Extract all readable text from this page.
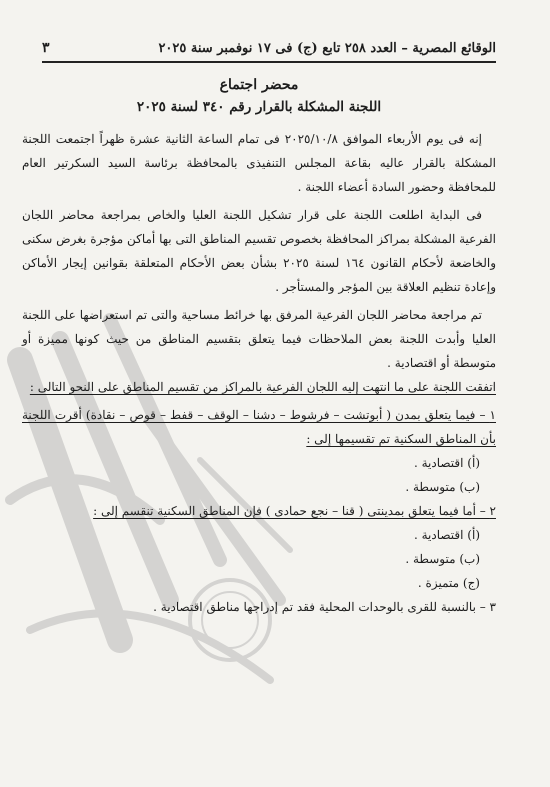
الوقائع المصرية – العدد ٢٥٨ تابع (ج) فى ١٧ نوفمبر سنة ٢٠٢٥
٣
محضر اجتماع
اللجنة المشكلة بالقرار رقم ٣٤٠ لسنة ٢٠٢٥

إنه فى يوم الأربعاء الموافق ٢٠٢٥/١٠/٨ فى تمام الساعة الثانية عشرة ظهراً اجتمعت اللجنة المشكلة بالقرار عاليه بقاعة المجلس التنفيذى بالمحافظة برئاسة السيد السكرتير العام للمحافظة وحضور السادة أعضاء اللجنة .

فى البداية اطلعت اللجنة على قرار تشكيل اللجنة العليا والخاص بمراجعة محاضر اللجان الفرعية المشكلة بمراكز المحافظة بخصوص تقسيم المناطق التى بها أماكن مؤجرة بغرض سكنى والخاضعة لأحكام القانون ١٦٤ لسنة ٢٠٢٥ بشأن بعض الأحكام المتعلقة بقوانين إيجار الأماكن وإعادة تنظيم العلاقة بين المؤجر والمستأجر .

تم مراجعة محاضر اللجان الفرعية المرفق بها خرائط مساحية والتى تم استعراضها على اللجنة العليا وأبدت اللجنة بعض الملاحظات فيما يتعلق بتقسيم المناطق من حيث كونها مميزة أو متوسطة أو اقتصادية .

اتفقت اللجنة على ما انتهت إليه اللجان الفرعية بالمراكز من تقسيم المناطق على النحو التالى :

١ – فيما يتعلق بمدن ( أبوتشت – فرشوط – دشنا – الوقف – قفط – قوص – نقادة) أقرت اللجنة بأن المناطق السكنية تم تقسيمها إلى :

(أ) اقتصادية .

(ب) متوسطة .

٢ – أما فيما يتعلق بمدينتى ( قنا – نجع حمادى ) فإن المناطق السكنية تنقسم إلى :

(أ) اقتصادية .

(ب) متوسطة .

(ج) متميزة .

٣ – بالنسبة للقرى بالوحدات المحلية فقد تم إدراجها مناطق اقتصادية .
